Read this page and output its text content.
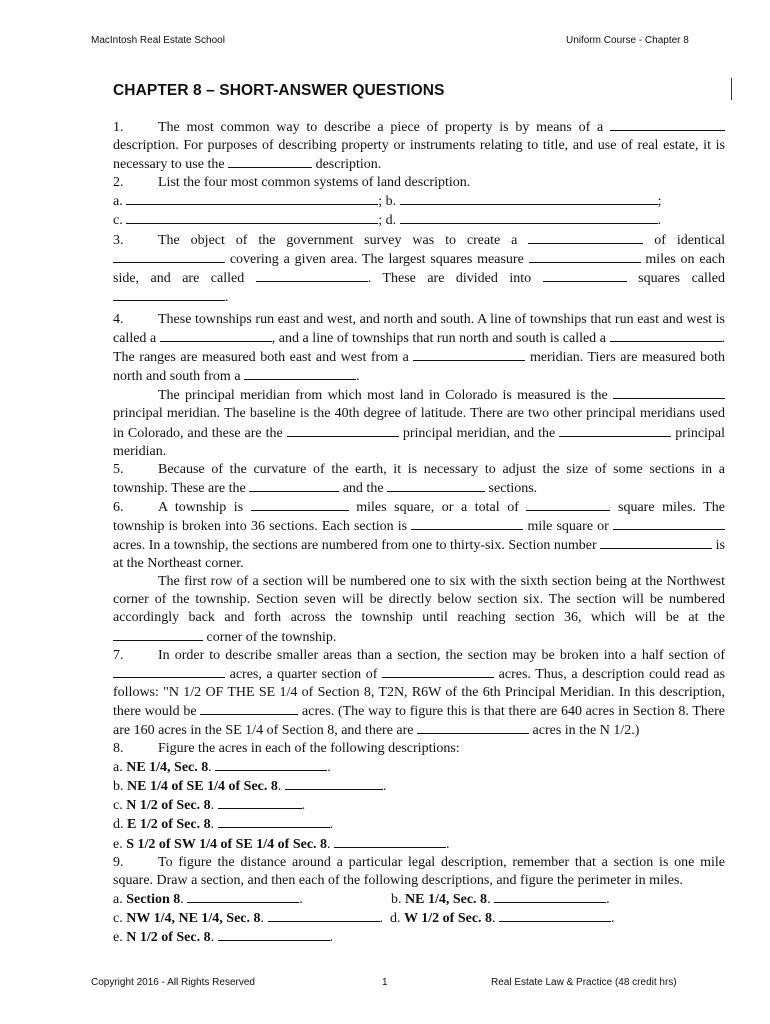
MacIntosh Real Estate School	Uniform Course - Chapter 8
CHAPTER 8 – SHORT-ANSWER QUESTIONS

1. The most common way to describe a piece of property is by means of a  description. For purposes of describing property or instruments relating to title, and use of real estate, it is necessary to use the	description.

2. List the four most common systems of land description.

a.	; b.	;

c.	; d.	.

3. The object of the government survey was to create a	of identical  covering a given area. The largest squares measure	miles on each side, and are called	. These are divided into	squares called .

4. These townships run east and west, and north and south. A line of townships that run east and west is called a	, and a line of townships that run north and south is called a	. The ranges are measured both east and west from a	meridian. Tiers are measured both north and south from a	.

The principal meridian from which most land in Colorado is measured is the  principal meridian. The baseline is the 40th degree of latitude. There are two other principal meridians used in Colorado, and these are the	principal meridian, and the	principal meridian.

5. Because of the curvature of the earth, it is necessary to adjust the size of some sections in a township. These are the	and the	sections.

6. A township is	miles square, or a total of	square miles. The township is broken into 36 sections. Each section is	mile square or  acres. In a township, the sections are numbered from one to thirty-six. Section number	is at the Northeast corner.

The first row of a section will be numbered one to six with the sixth section being at the Northwest corner of the township. Section seven will be directly below section six. The section will be numbered accordingly back and forth across the township until reaching section 36, which will be at the  corner of the township.

7. In order to describe smaller areas than a section, the section may be broken into a half section of  acres, a quarter section of	acres. Thus, a description could read as follows: "N 1/2 OF THE SE 1/4 of Section 8, T2N, R6W of the 6th Principal Meridian. In this description, there would be	acres. (The way to figure this is that there are 640 acres in Section 8. There are 160 acres in the SE 1/4 of Section 8, and there are	acres in the N 1/2.)

8. Figure the acres in each of the following descriptions:

a. NE 1/4, Sec. 8.	.

b. NE 1/4 of SE 1/4 of Sec. 8.	.

c. N 1/2 of Sec. 8.	.

d. E 1/2 of Sec. 8.	.

e. S 1/2 of SW 1/4 of SE 1/4 of Sec. 8.	.

9. To figure the distance around a particular legal description, remember that a section is one mile square. Draw a section, and then each of the following descriptions, and figure the perimeter in miles.

a. Section 8.	.	b. NE 1/4, Sec. 8.	.

c. NW 1/4, NE 1/4, Sec. 8.	.  d. W 1/2 of Sec. 8.	.

e. N 1/2 of Sec. 8.	.

Copyright 2016 - All Rights Reserved	1	Real Estate Law & Practice (48 credit hrs)
